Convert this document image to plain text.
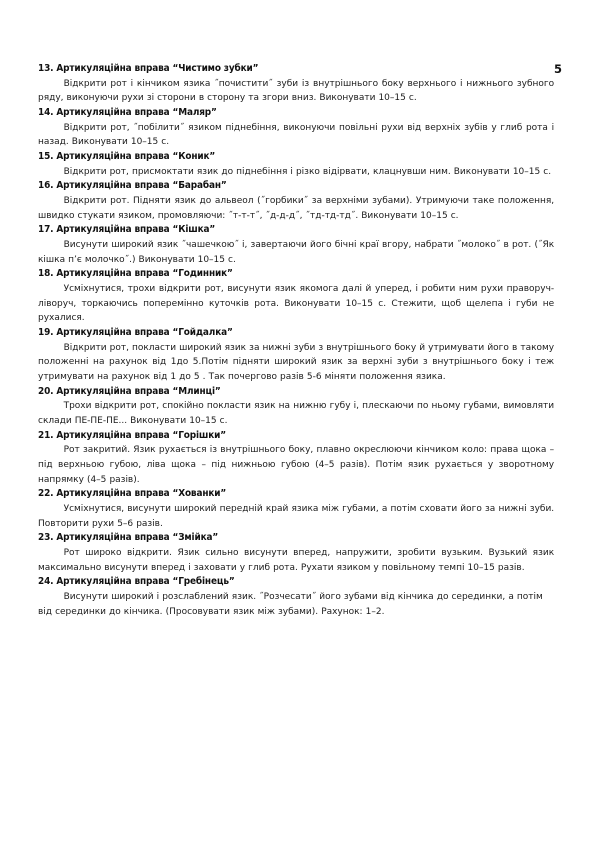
5
13. Артикуляційна вправа “Чистимо зубки”
Відкрити рот і кінчиком язика ˝почистити˝ зуби із внутрішнього боку верхнього і нижнього зубного ряду, виконуючи рухи зі сторони в сторону та згори вниз. Виконувати 10–15 с.
14. Артикуляційна вправа “Маляр”
Відкрити рот, ˝побілити˝ язиком піднебіння, виконуючи повільні рухи від верхніх зубів у глиб рота і назад. Виконувати 10–15 с.
15. Артикуляційна вправа “Коник”
Відкрити рот, присмоктати язик до піднебіння і різко відірвати, клацнувши ним. Виконувати 10–15 с.
16. Артикуляційна вправа “Барабан”
Відкрити рот. Підняти язик до альвеол (˝горбики˝ за верхніми зубами). Утримуючи таке положення, швидко стукати язиком, промовляючи: ˝т-т-т˝, ˝д-д-д˝, ˝тд-тд-тд˝. Виконувати 10–15 с.
17. Артикуляційна вправа “Кішка”
Висунути широкий язик ˝чашечкою˝ і, завертаючи його бічні краї вгору, набрати ˝молоко˝ в рот. (˝Як кішка пʼє молочко˝.) Виконувати 10–15 с.
18. Артикуляційна вправа “Годинник”
Усміхнутися, трохи відкрити рот, висунути язик якомога далі й уперед, і робити ним рухи праворуч-ліворуч, торкаючись поперемінно куточків рота. Виконувати 10–15 с. Стежити, щоб щелепа і губи не рухалися.
19. Артикуляційна вправа “Гойдалка”
Відкрити рот, покласти широкий язик за нижні зуби з внутрішнього боку й утримувати його в такому положенні на рахунок від 1до 5.Потім підняти широкий язик за верхні зуби з внутрішнього боку і теж утримувати на рахунок від 1 до 5 . Так почергово разів 5-6 міняти положення язика.
20. Артикуляційна вправа “Млинці”
Трохи відкрити рот, спокійно покласти язик на нижню губу і, плескаючи по ньому губами, вимовляти склади ПЕ-ПЕ-ПЕ... Виконувати 10–15 с.
21. Артикуляційна вправа “Горішки”
Рот закритий. Язик рухається із внутрішнього боку, плавно окреслюючи кінчиком коло: права щока – під верхньою губою, ліва щока – під нижньою губою (4–5 разів). Потім язик рухається у зворотному напрямку (4–5 разів).
22. Артикуляційна вправа “Хованки”
Усміхнутися, висунути широкий передній край язика між губами, а потім сховати його за нижні зуби. Повторити рухи 5–6 разів.
23. Артикуляційна вправа “Змійка”
Рот широко відкрити. Язик сильно висунути вперед, напружити, зробити вузьким. Вузький язик максимально висунути вперед і заховати у глиб рота. Рухати язиком у повільному темпі 10–15 разів.
24. Артикуляційна вправа “Гребінець”
Висунути широкий і розслаблений язик. ˝Розчесати˝ його зубами від кінчика до серединки, а потім від серединки до кінчика. (Просовувати язик між зубами). Рахунок: 1–2.
